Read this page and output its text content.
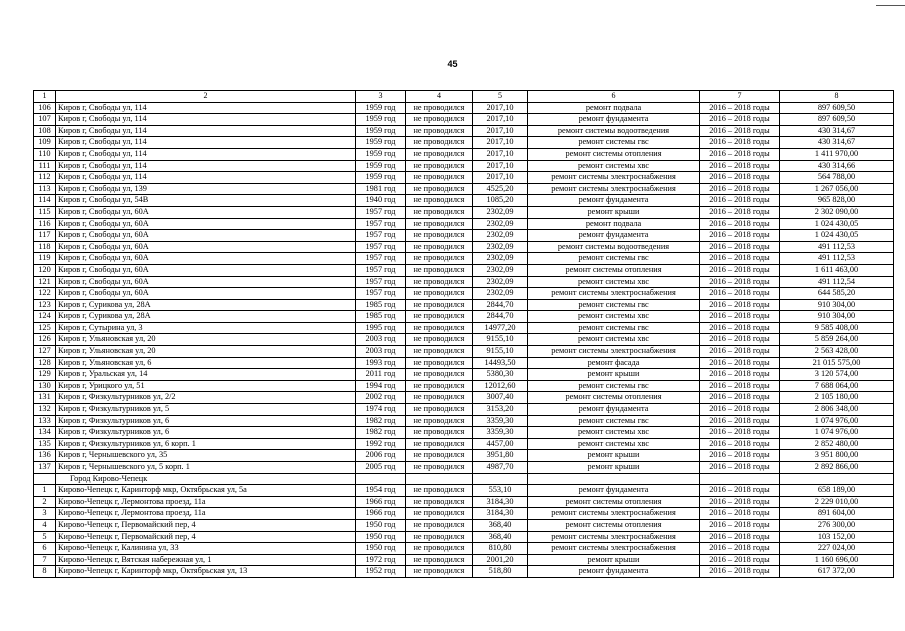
45
1	2	3	4	5	6	7	8
106	Киров г, Свободы ул, 114	1959 год	не проводился	2017,10	ремонт подвала	2016 – 2018 годы	897 609,50
107	Киров г, Свободы ул, 114	1959 год	не проводился	2017,10	ремонт фундамента	2016 – 2018 годы	897 609,50
108	Киров г, Свободы ул, 114	1959 год	не проводился	2017,10	ремонт системы водоотведения	2016 – 2018 годы	430 314,67
109	Киров г, Свободы ул, 114	1959 год	не проводился	2017,10	ремонт системы гвс	2016 – 2018 годы	430 314,67
110	Киров г, Свободы ул, 114	1959 год	не проводился	2017,10	ремонт системы отопления	2016 – 2018 годы	1 411 970,00
111	Киров г, Свободы ул, 114	1959 год	не проводился	2017,10	ремонт системы хвс	2016 – 2018 годы	430 314,66
112	Киров г, Свободы ул, 114	1959 год	не проводился	2017,10	ремонт системы электроснабжения	2016 – 2018 годы	564 788,00
113	Киров г, Свободы ул, 139	1981 год	не проводился	4525,20	ремонт системы электроснабжения	2016 – 2018 годы	1 267 056,00
114	Киров г, Свободы ул, 54В	1940 год	не проводился	1085,20	ремонт фундамента	2016 – 2018 годы	965 828,00
115	Киров г, Свободы ул, 60А	1957 год	не проводился	2302,09	ремонт крыши	2016 – 2018 годы	2 302 090,00
116	Киров г, Свободы ул, 60А	1957 год	не проводился	2302,09	ремонт подвала	2016 – 2018 годы	1 024 430,05
117	Киров г, Свободы ул, 60А	1957 год	не проводился	2302,09	ремонт фундамента	2016 – 2018 годы	1 024 430,05
118	Киров г, Свободы ул, 60А	1957 год	не проводился	2302,09	ремонт системы водоотведения	2016 – 2018 годы	491 112,53
119	Киров г, Свободы ул, 60А	1957 год	не проводился	2302,09	ремонт системы гвс	2016 – 2018 годы	491 112,53
120	Киров г, Свободы ул, 60А	1957 год	не проводился	2302,09	ремонт системы отопления	2016 – 2018 годы	1 611 463,00
121	Киров г, Свободы ул, 60А	1957 год	не проводился	2302,09	ремонт системы хвс	2016 – 2018 годы	491 112,54
122	Киров г, Свободы ул, 60А	1957 год	не проводился	2302,09	ремонт системы электроснабжения	2016 – 2018 годы	644 585,20
123	Киров г, Сурикова ул, 28А	1985 год	не проводился	2844,70	ремонт системы гвс	2016 – 2018 годы	910 304,00
124	Киров г, Сурикова ул, 28А	1985 год	не проводился	2844,70	ремонт системы хвс	2016 – 2018 годы	910 304,00
125	Киров г, Сутырина ул, 3	1995 год	не проводился	14977,20	ремонт системы гвс	2016 – 2018 годы	9 585 408,00
126	Киров г, Ульяновская ул, 20	2003 год	не проводился	9155,10	ремонт системы хвс	2016 – 2018 годы	5 859 264,00
127	Киров г, Ульяновская ул, 20	2003 год	не проводился	9155,10	ремонт системы электроснабжения	2016 – 2018 годы	2 563 428,00
128	Киров г, Ульяновская ул, 6	1993 год	не проводился	14493,50	ремонт фасада	2016 – 2018 годы	21 015 575,00
129	Киров г, Уральская ул, 14	2011 год	не проводился	5380,30	ремонт крыши	2016 – 2018 годы	3 120 574,00
130	Киров г, Урицкого ул, 51	1994 год	не проводился	12012,60	ремонт системы гвс	2016 – 2018 годы	7 688 064,00
131	Киров г, Физкультурников ул, 2/2	2002 год	не проводился	3007,40	ремонт системы отопления	2016 – 2018 годы	2 105 180,00
132	Киров г, Физкультурников ул, 5	1974 год	не проводился	3153,20	ремонт фундамента	2016 – 2018 годы	2 806 348,00
133	Киров г, Физкультурников ул, 6	1982 год	не проводился	3359,30	ремонт системы гвс	2016 – 2018 годы	1 074 976,00
134	Киров г, Физкультурников ул, 6	1982 год	не проводился	3359,30	ремонт системы хвс	2016 – 2018 годы	1 074 976,00
135	Киров г, Физкультурников ул, 6 корп. 1	1992 год	не проводился	4457,00	ремонт системы хвс	2016 – 2018 годы	2 852 480,00
136	Киров г, Чернышевского ул, 35	2006 год	не проводился	3951,80	ремонт крыши	2016 – 2018 годы	3 951 800,00
137	Киров г, Чернышевского ул, 5 корп. 1	2005 год	не проводился	4987,70	ремонт крыши	2016 – 2018 годы	2 892 866,00
	Город Кирово-Чепецк						
1	Кирово-Чепецк г, Каринторф мкр, Октябрьская ул, 5а	1954 год	не проводился	553,10	ремонт фундамента	2016 – 2018 годы	658 189,00
2	Кирово-Чепецк г, Лермонтова проезд, 11а	1966 год	не проводился	3184,30	ремонт системы отопления	2016 – 2018 годы	2 229 010,00
3	Кирово-Чепецк г, Лермонтова проезд, 11а	1966 год	не проводился	3184,30	ремонт системы электроснабжения	2016 – 2018 годы	891 604,00
4	Кирово-Чепецк г, Первомайский пер, 4	1950 год	не проводился	368,40	ремонт системы отопления	2016 – 2018 годы	276 300,00
5	Кирово-Чепецк г, Первомайский пер, 4	1950 год	не проводился	368,40	ремонт системы электроснабжения	2016 – 2018 годы	103 152,00
6	Кирово-Чепецк г, Калинина ул, 33	1950 год	не проводился	810,80	ремонт системы электроснабжения	2016 – 2018 годы	227 024,00
7	Кирово-Чепецк г, Вятская набережная ул, 1	1972 год	не проводился	2001,20	ремонт крыши	2016 – 2018 годы	1 160 696,00
8	Кирово-Чепецк г, Каринторф мкр, Октябрьская ул, 13	1952 год	не проводился	518,80	ремонт фундамента	2016 – 2018 годы	617 372,00
